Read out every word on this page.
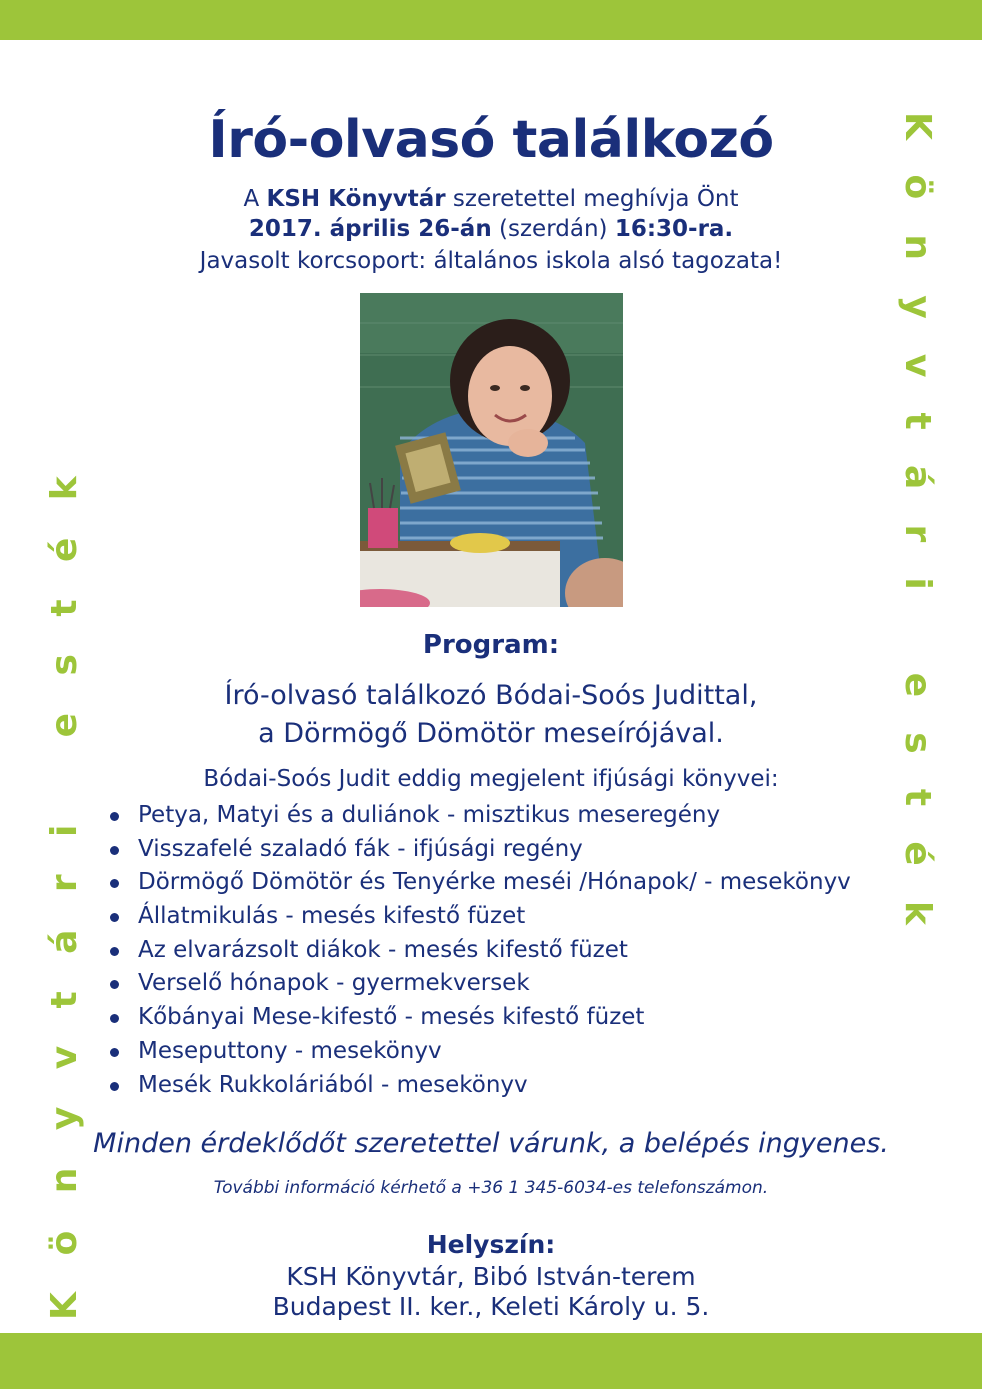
Könyvtári esték	Könyvtári esték
Író-olvasó találkozó
A KSH Könyvtár szeretettel meghívja Önt
2017. április 26-án (szerdán) 16:30-ra.
Javasolt korcsoport: általános iskola alsó tagozata!
Program:
Író-olvasó találkozó Bódai-Soós Judittal,
a Dörmögő Dömötör meseírójával.
Bódai-Soós Judit eddig megjelent ifjúsági könyvei:
Petya, Matyi és a duliánok - misztikus meseregény
Visszafelé szaladó fák - ifjúsági regény
Dörmögő Dömötör és Tenyérke meséi /Hónapok/ - mesekönyv
Állatmikulás - mesés kifestő füzet
Az elvarázsolt diákok - mesés kifestő füzet
Verselő hónapok - gyermekversek
Kőbányai Mese-kifestő - mesés kifestő füzet
Meseputtony - mesekönyv
Mesék Rukkoláriából - mesekönyv
Minden érdeklődőt szeretettel várunk, a belépés ingyenes.
További információ kérhető a +36 1 345-6034-es telefonszámon.
Helyszín:
KSH Könyvtár, Bibó István-terem
Budapest II. ker., Keleti Károly u. 5.
